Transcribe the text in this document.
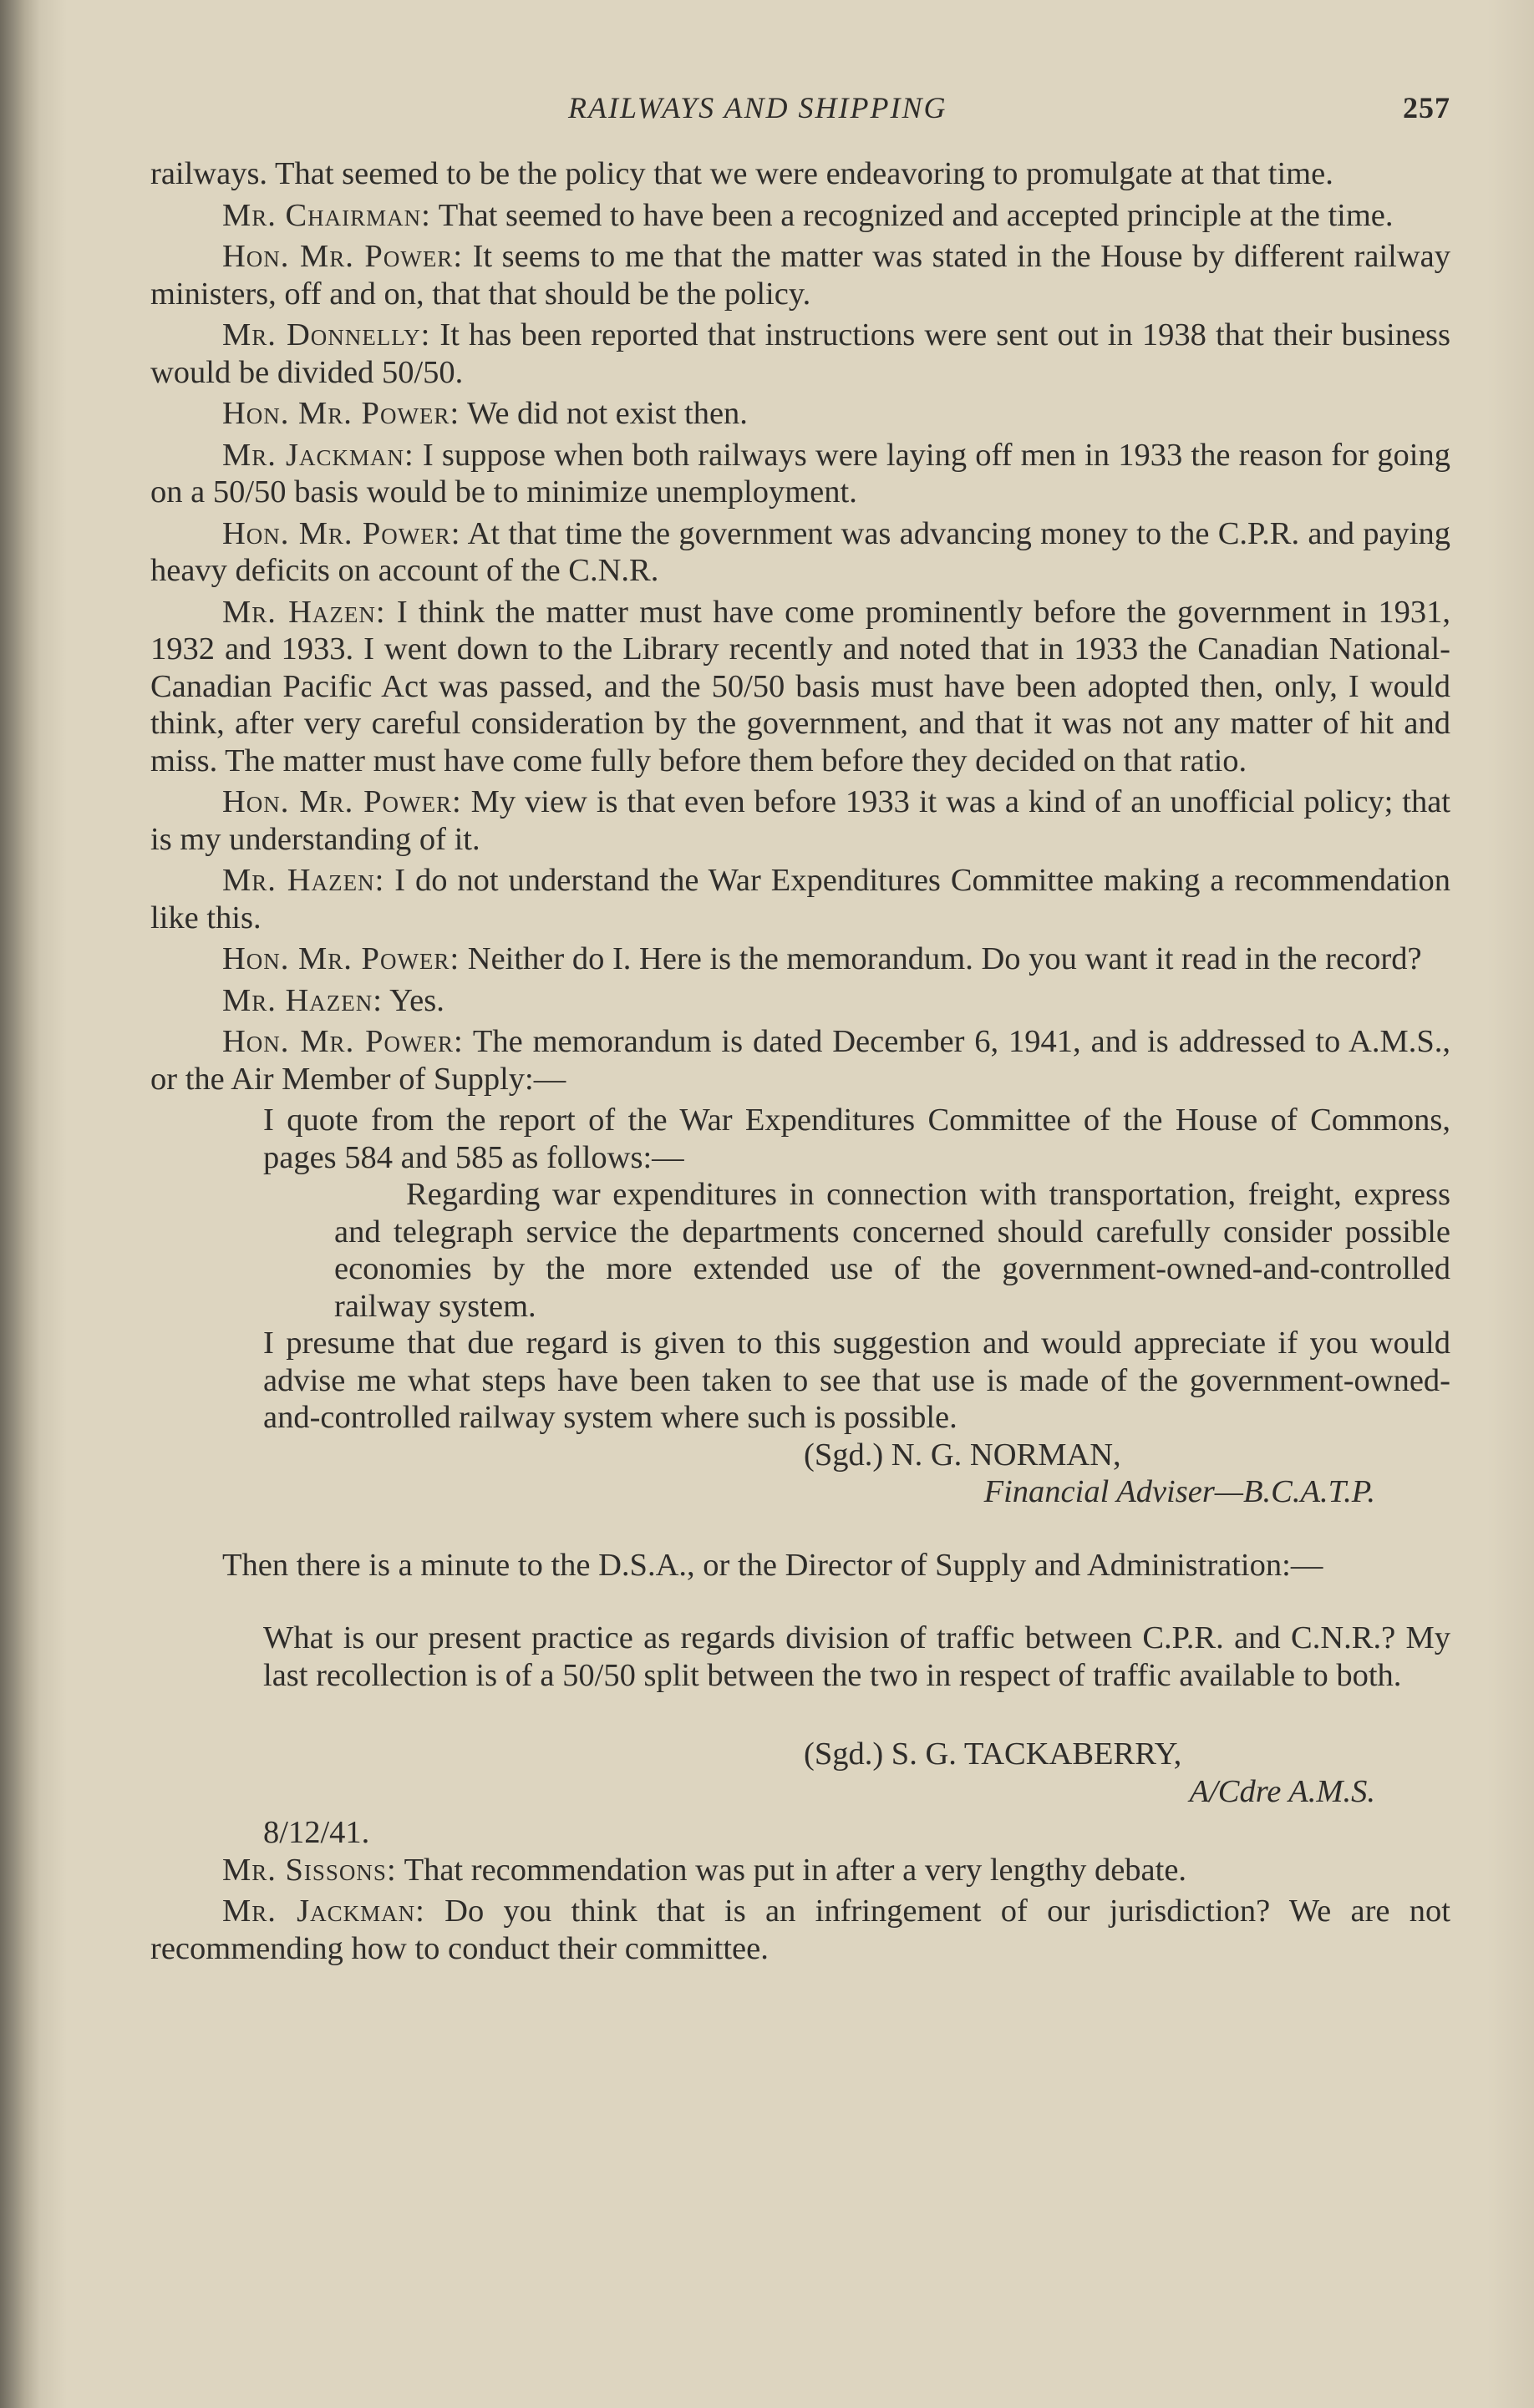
RAILWAYS AND SHIPPING	257

railways. That seemed to be the policy that we were endeavoring to promulgate at that time.

Mr. Chairman: That seemed to have been a recognized and accepted principle at the time.

Hon. Mr. Power: It seems to me that the matter was stated in the House by different railway ministers, off and on, that that should be the policy.

Mr. Donnelly: It has been reported that instructions were sent out in 1938 that their business would be divided 50/50.

Hon. Mr. Power: We did not exist then.

Mr. Jackman: I suppose when both railways were laying off men in 1933 the reason for going on a 50/50 basis would be to minimize unemployment.

Hon. Mr. Power: At that time the government was advancing money to the C.P.R. and paying heavy deficits on account of the C.N.R.

Mr. Hazen: I think the matter must have come prominently before the government in 1931, 1932 and 1933. I went down to the Library recently and noted that in 1933 the Canadian National-Canadian Pacific Act was passed, and the 50/50 basis must have been adopted then, only, I would think, after very careful consideration by the government, and that it was not any matter of hit and miss. The matter must have come fully before them before they decided on that ratio.

Hon. Mr. Power: My view is that even before 1933 it was a kind of an unofficial policy; that is my understanding of it.

Mr. Hazen: I do not understand the War Expenditures Committee making a recommendation like this.

Hon. Mr. Power: Neither do I. Here is the memorandum. Do you want it read in the record?

Mr. Hazen: Yes.

Hon. Mr. Power: The memorandum is dated December 6, 1941, and is addressed to A.M.S., or the Air Member of Supply:—

I quote from the report of the War Expenditures Committee of the House of Commons, pages 584 and 585 as follows:—

Regarding war expenditures in connection with transportation, freight, express and telegraph service the departments concerned should carefully consider possible economies by the more extended use of the government-owned-and-controlled railway system.

I presume that due regard is given to this suggestion and would appreciate if you would advise me what steps have been taken to see that use is made of the government-owned-and-controlled railway system where such is possible.

(Sgd.) N. G. NORMAN,

Financial Adviser—B.C.A.T.P.

Then there is a minute to the D.S.A., or the Director of Supply and Administration:—

What is our present practice as regards division of traffic between C.P.R. and C.N.R.? My last recollection is of a 50/50 split between the two in respect of traffic available to both.

(Sgd.) S. G. TACKABERRY,

A/Cdre A.M.S.

8/12/41.

Mr. Sissons: That recommendation was put in after a very lengthy debate.

Mr. Jackman: Do you think that is an infringement of our jurisdiction? We are not recommending how to conduct their committee.
